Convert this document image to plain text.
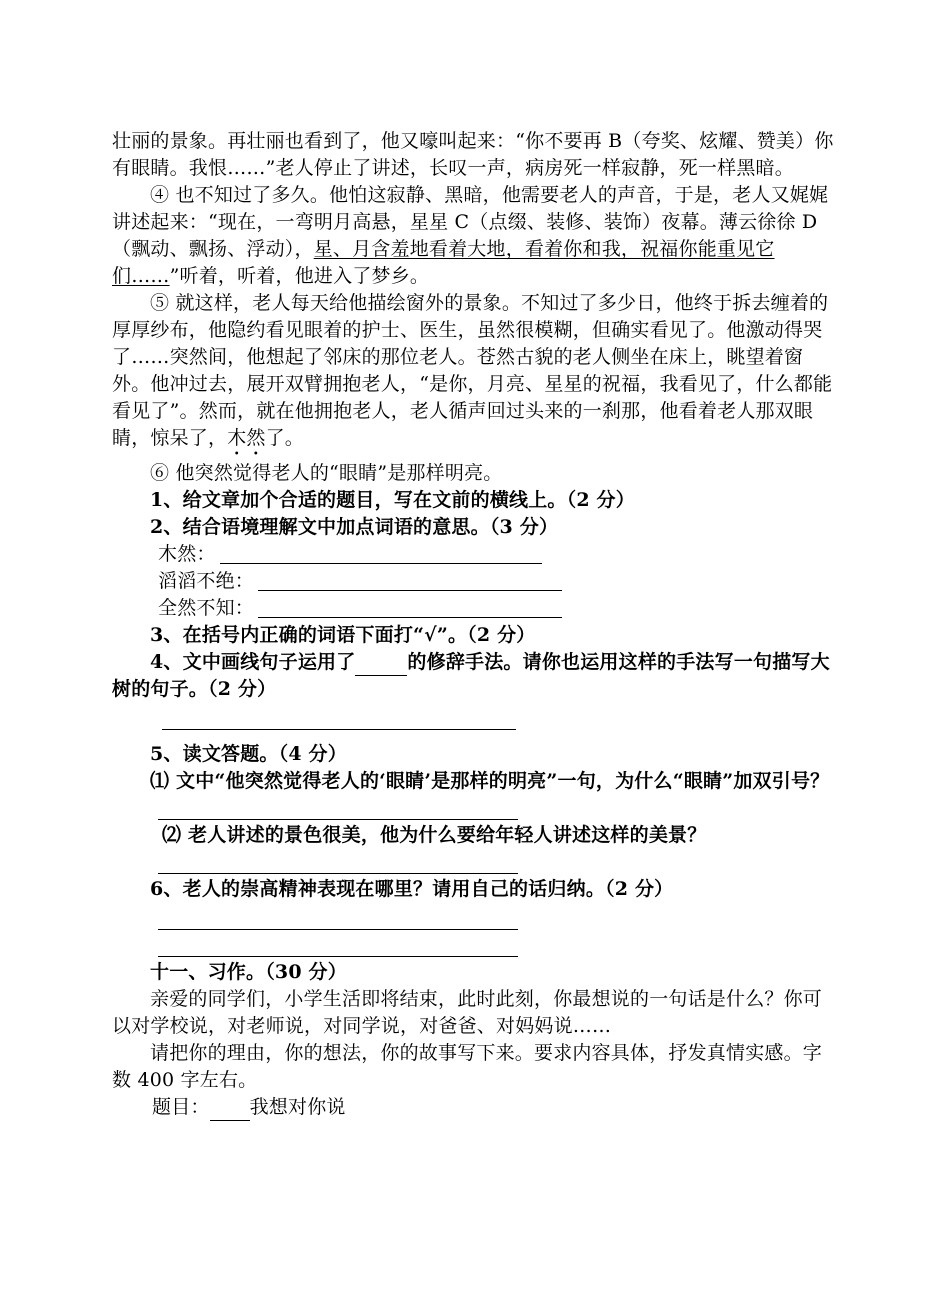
壮丽的景象。再壮丽也看到了，他又嚎叫起来：“你不要再 B（夸奖、炫耀、赞美）你有眼睛。我恨……”老人停止了讲述，长叹一声，病房死一样寂静，死一样黑暗。

④ 也不知过了多久。他怕这寂静、黑暗，他需要老人的声音，于是，老人又娓娓讲述起来：“现在，一弯明月高悬，星星 C（点缀、装修、装饰）夜幕。薄云徐徐 D（飘动、飘扬、浮动），星、月含羞地看着大地，看着你和我，祝福你能重见它们……”听着，听着，他进入了梦乡。

⑤ 就这样，老人每天给他描绘窗外的景象。不知过了多少日，他终于拆去缠着的厚厚纱布，他隐约看见眼着的护士、医生，虽然很模糊，但确实看见了。他激动得哭了……突然间，他想起了邻床的那位老人。苍然古貌的老人侧坐在床上，眺望着窗外。他冲过去，展开双臂拥抱老人，“是你，月亮、星星的祝福，我看见了，什么都能看见了”。然而，就在他拥抱老人，老人循声回过头来的一刹那，他看着老人那双眼睛，惊呆了，木然了。

⑥ 他突然觉得老人的“眼睛”是那样明亮。

1、给文章加个合适的题目，写在文前的横线上。（2 分）

2、结合语境理解文中加点词语的意思。（3 分）

木然：
滔滔不绝：
全然不知：

3、在括号内正确的词语下面打“√”。（2 分）

4、文中画线句子运用了	的修辞手法。请你也运用这样的手法写一句描写大树的句子。（2 分）

5、读文答题。（4 分）

⑴ 文中“他突然觉得老人的‘眼睛’是那样的明亮”一句，为什么“眼睛”加双引号？

⑵ 老人讲述的景色很美，他为什么要给年轻人讲述这样的美景？

6、老人的崇高精神表现在哪里？请用自己的话归纳。（2 分）

十一、习作。（30 分）

亲爱的同学们，小学生活即将结束，此时此刻，你最想说的一句话是什么？你可以对学校说，对老师说，对同学说，对爸爸、对妈妈说……

请把你的理由，你的想法，你的故事写下来。要求内容具体，抒发真情实感。字数 400 字左右。

题目： 我想对你说
